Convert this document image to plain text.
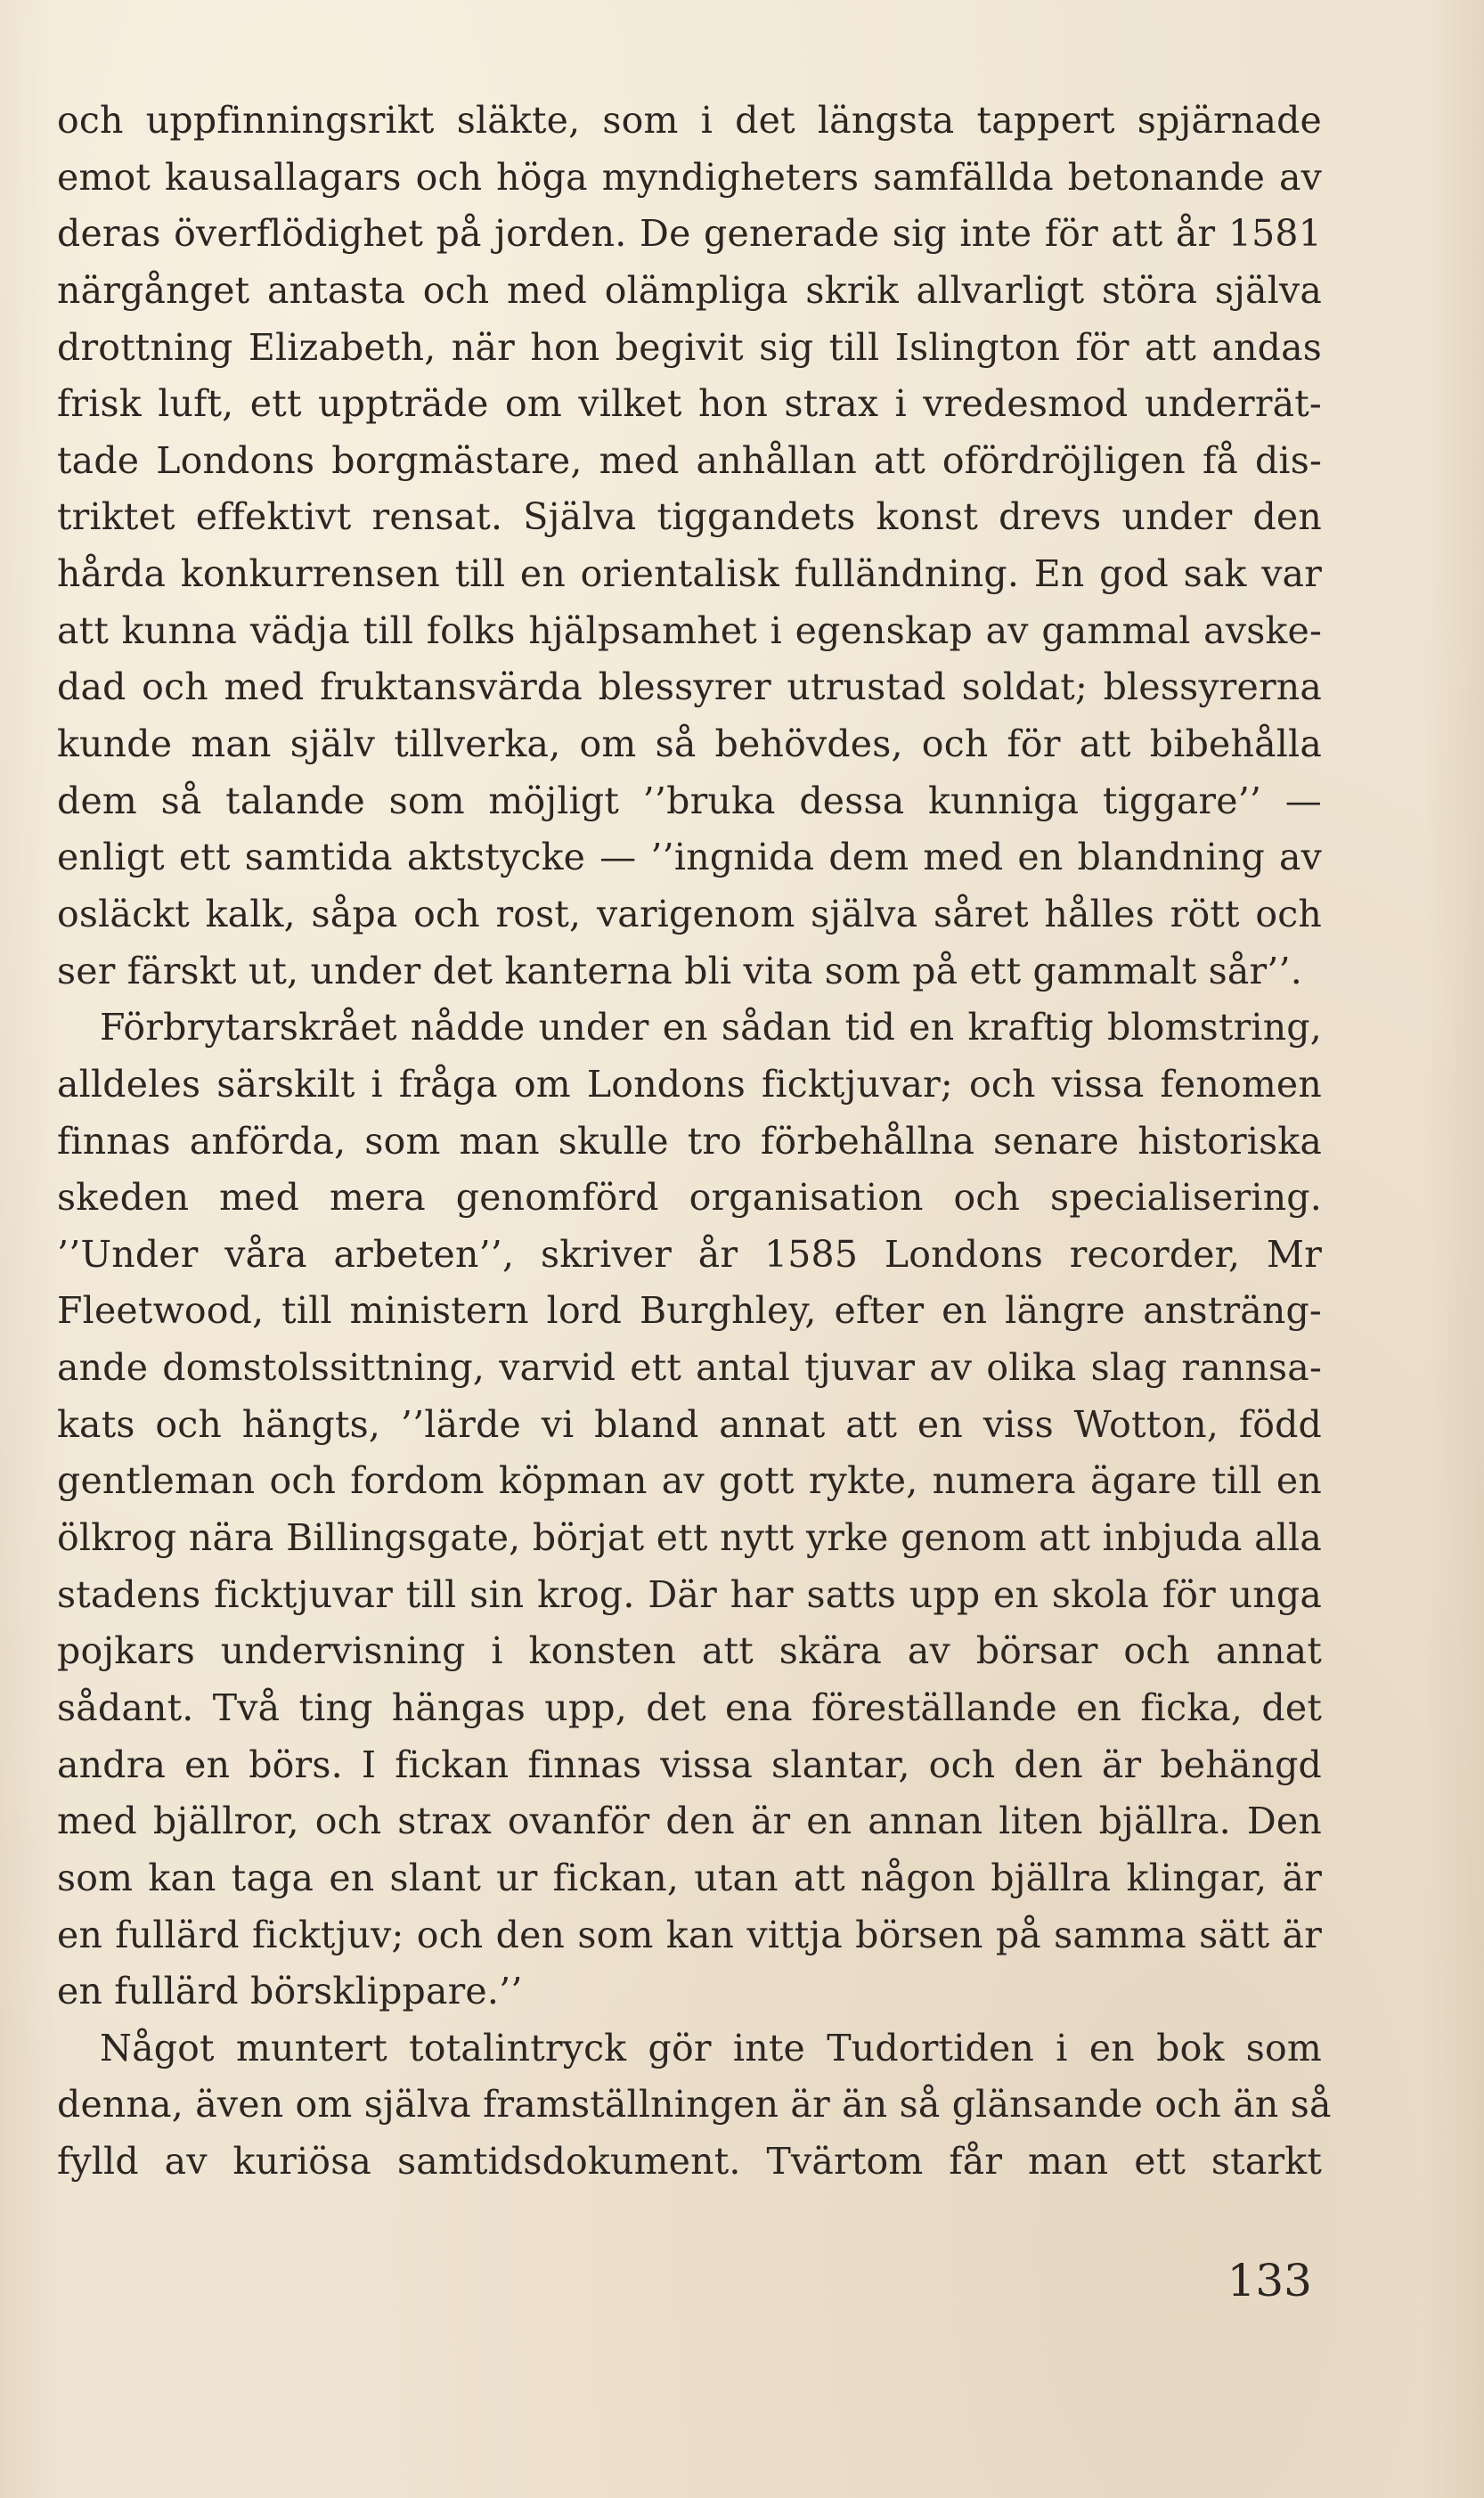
och uppfinningsrikt släkte, som i det längsta tappert spjärnade
emot kausallagars och höga myndigheters samfällda betonande av
deras överflödighet på jorden. De generade sig inte för att år 1581
närgånget antasta och med olämpliga skrik allvarligt störa själva
drottning Elizabeth, när hon begivit sig till Islington för att andas
frisk luft, ett uppträde om vilket hon strax i vredesmod underrät-
tade Londons borgmästare, med anhållan att ofördröjligen få dis-
triktet effektivt rensat. Själva tiggandets konst drevs under den
hårda konkurrensen till en orientalisk fulländning. En god sak var
att kunna vädja till folks hjälpsamhet i egenskap av gammal avske-
dad och med fruktansvärda blessyrer utrustad soldat; blessyrerna
kunde man själv tillverka, om så behövdes, och för att bibehålla
dem så talande som möjligt ’’bruka dessa kunniga tiggare’’ —
enligt ett samtida aktstycke — ’’ingnida dem med en blandning av
osläckt kalk, såpa och rost, varigenom själva såret hålles rött och
ser färskt ut, under det kanterna bli vita som på ett gammalt sår’’.
Förbrytarskrået nådde under en sådan tid en kraftig blomstring,
alldeles särskilt i fråga om Londons ficktjuvar; och vissa fenomen
finnas anförda, som man skulle tro förbehållna senare historiska
skeden med mera genomförd organisation och specialisering.
’’Under våra arbeten’’, skriver år 1585 Londons recorder, Mr
Fleetwood, till ministern lord Burghley, efter en längre ansträng-
ande domstolssittning, varvid ett antal tjuvar av olika slag rannsa-
kats och hängts, ’’lärde vi bland annat att en viss Wotton, född
gentleman och fordom köpman av gott rykte, numera ägare till en
ölkrog nära Billingsgate, börjat ett nytt yrke genom att inbjuda alla
stadens ficktjuvar till sin krog. Där har satts upp en skola för unga
pojkars undervisning i konsten att skära av börsar och annat
sådant. Två ting hängas upp, det ena föreställande en ficka, det
andra en börs. I fickan finnas vissa slantar, och den är behängd
med bjällror, och strax ovanför den är en annan liten bjällra. Den
som kan taga en slant ur fickan, utan att någon bjällra klingar, är
en fullärd ficktjuv; och den som kan vittja börsen på samma sätt är
en fullärd börsklippare.’’
Något muntert totalintryck gör inte Tudortiden i en bok som
denna, även om själva framställningen är än så glänsande och än så
fylld av kuriösa samtidsdokument. Tvärtom får man ett starkt
133
